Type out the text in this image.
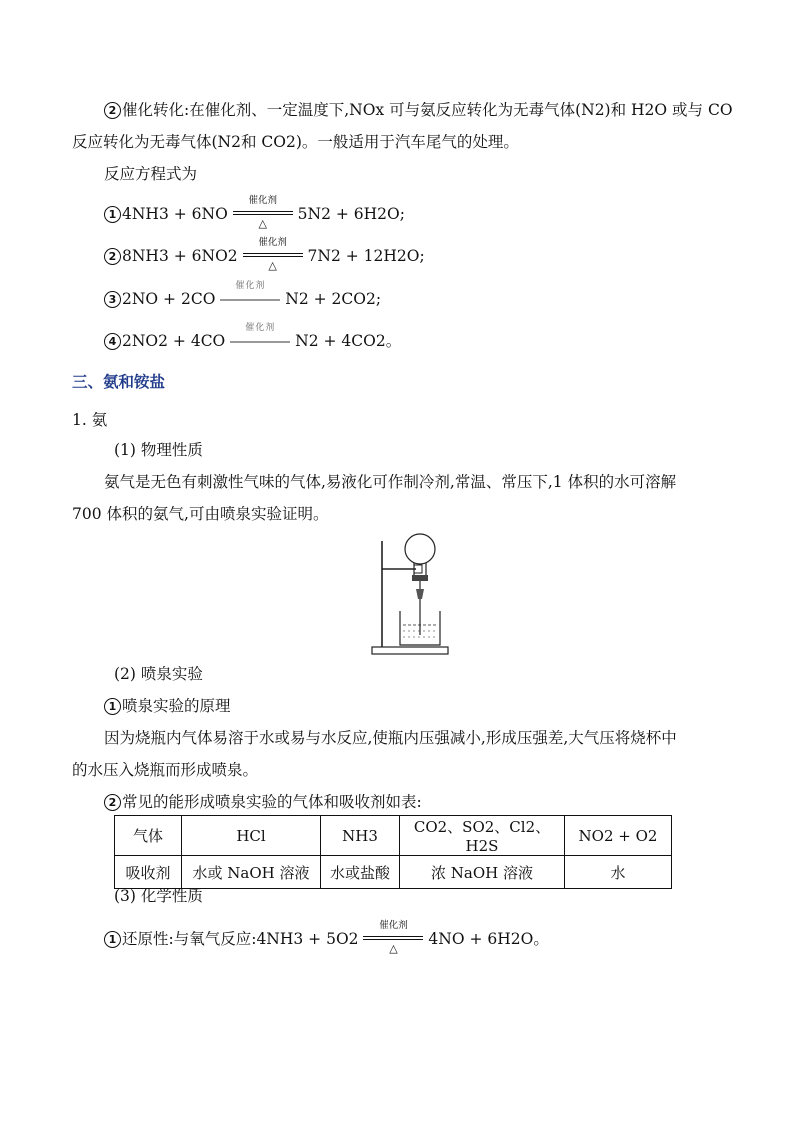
2 催化转化:在催化剂、一定温度下,NOx 可与氨反应转化为无毒气体(N2)和 H2O 或与 CO
反应转化为无毒气体(N2和 CO2)。一般适用于汽车尾气的处理。
反应方程式为
1 4NH3 + 6NO
催化剂
△
5N2 + 6H2O;
2 8NH3 + 6NO2
催化剂
△
7N2 + 12H2O;
3 2NO + 2CO
催化剂
N2 + 2CO2;
4 2NO2 + 4CO
催化剂
N2 + 4CO2。
三、氨和铵盐
1. 氨
(1) 物理性质
氨气是无色有刺激性气味的气体,易液化可作制冷剂,常温、常压下,1 体积的水可溶解
700 体积的氨气,可由喷泉实验证明。
(2) 喷泉实验
1 喷泉实验的原理
因为烧瓶内气体易溶于水或易与水反应,使瓶内压强减小,形成压强差,大气压将烧杯中
的水压入烧瓶而形成喷泉。
2 常见的能形成喷泉实验的气体和吸收剂如表:
气体	HCl	NH3	CO2、SO2、Cl2、H2S	NO2 + O2
吸收剂	水或 NaOH 溶液	水或盐酸	浓 NaOH 溶液	水
(3) 化学性质
1 还原性:与氧气反应:4NH3 + 5O2
催化剂
△
4NO + 6H2O。
